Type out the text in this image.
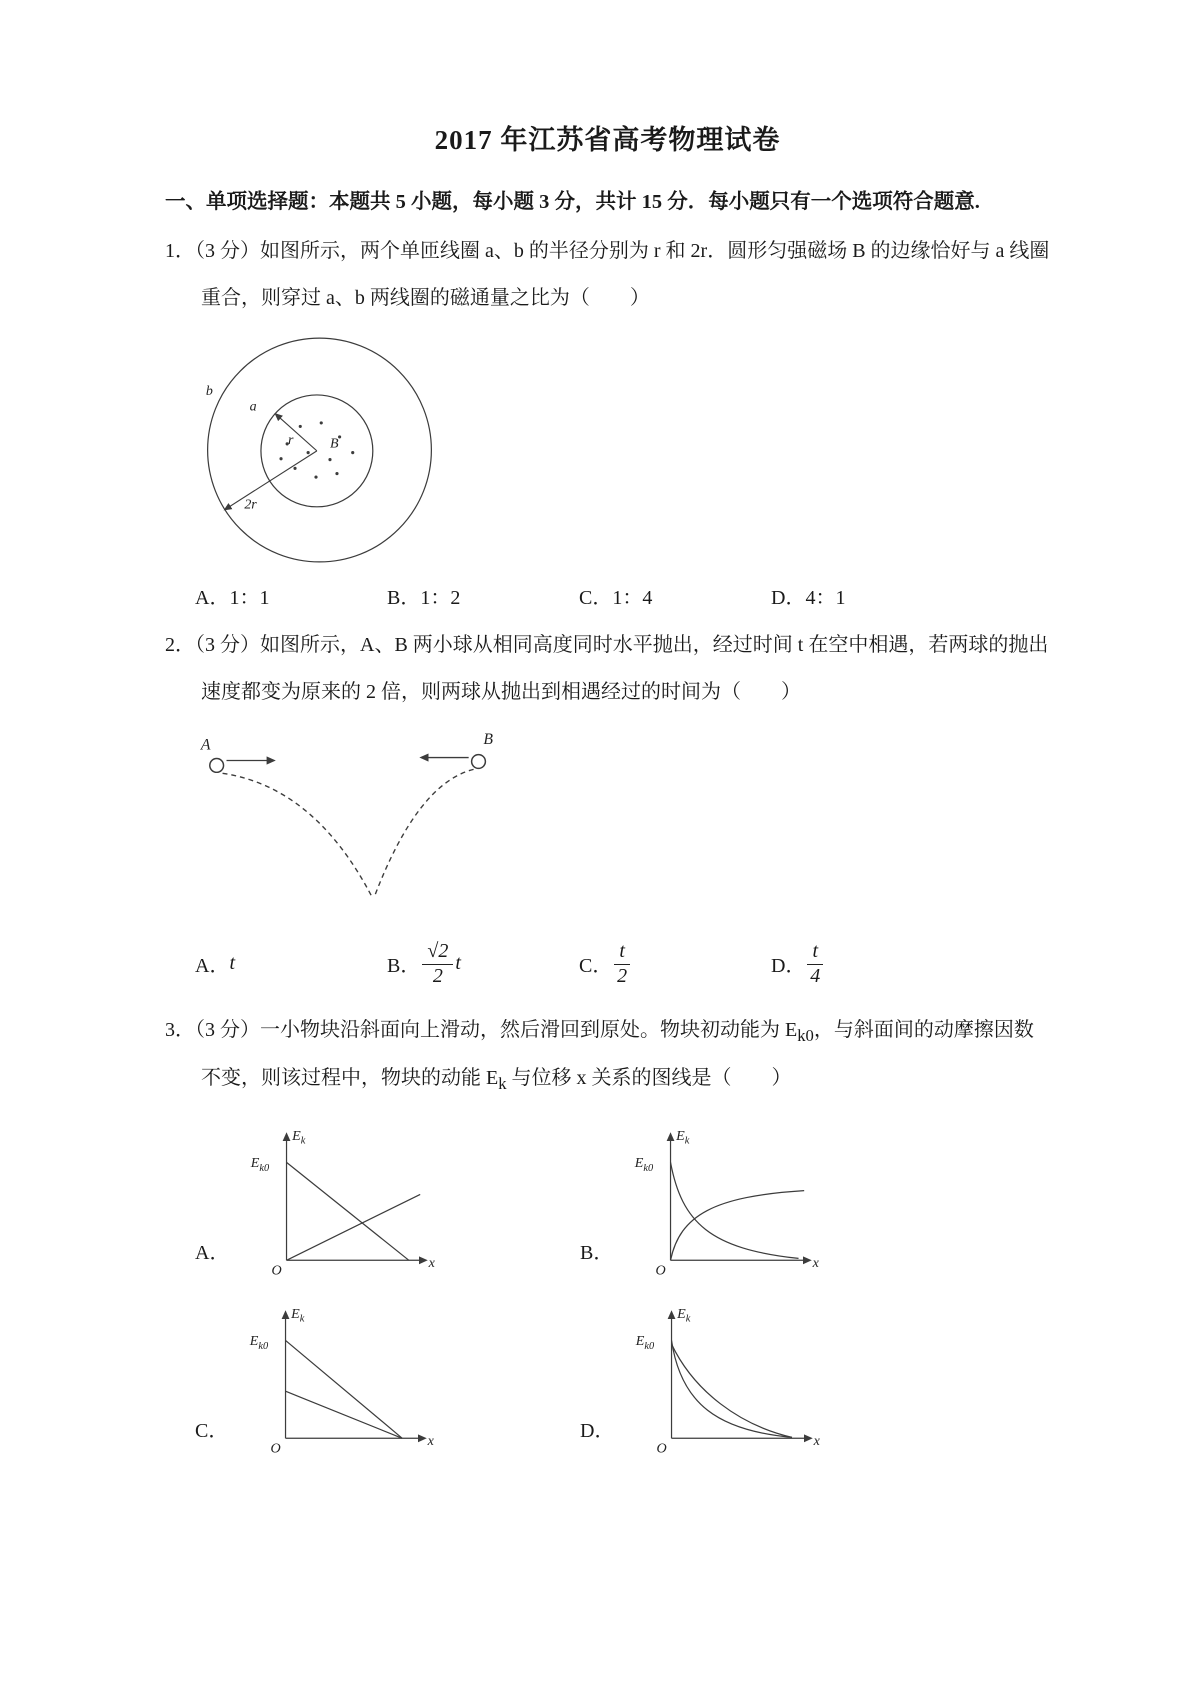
2017 年江苏省高考物理试卷

一、单项选择题：本题共 5 小题，每小题 3 分，共计 15 分．每小题只有一个选项符合题意.

1．（3 分）如图所示，两个单匝线圈 a、b 的半径分别为 r 和 2r．圆形匀强磁场 B 的边缘恰好与 a 线圈重合，则穿过 a、b 两线圈的磁通量之比为（　　）

b
a
r B
2r
A． 1：1	B． 1：2	C． 1：4	D． 4：1

2．（3 分）如图所示，A、B 两小球从相同高度同时水平抛出，经过时间 t 在空中相遇，若两球的抛出速度都变为原来的 2 倍，则两球从抛出到相遇经过的时间为（　　）

A	B
A． t	B． $\frac{√2}{2}$ t	C． $\frac{t}{2}$	D． $\frac{t}{4}$

3．（3 分）一小物块沿斜面向上滑动，然后滑回到原处。物块初动能为 $E_{k0}$，与斜面间的动摩擦因数不变，则该过程中，物块的动能 $E_k$ 与位移 x 关系的图线是（　　）

A．
$E_k$
$E_{k0}$
O	x	B．
$E_k$
$E_{k0}$
O	x
C．
$E_k$
$E_{k0}$
O	x	D．
$E_k$
$E_{k0}$
O	x
